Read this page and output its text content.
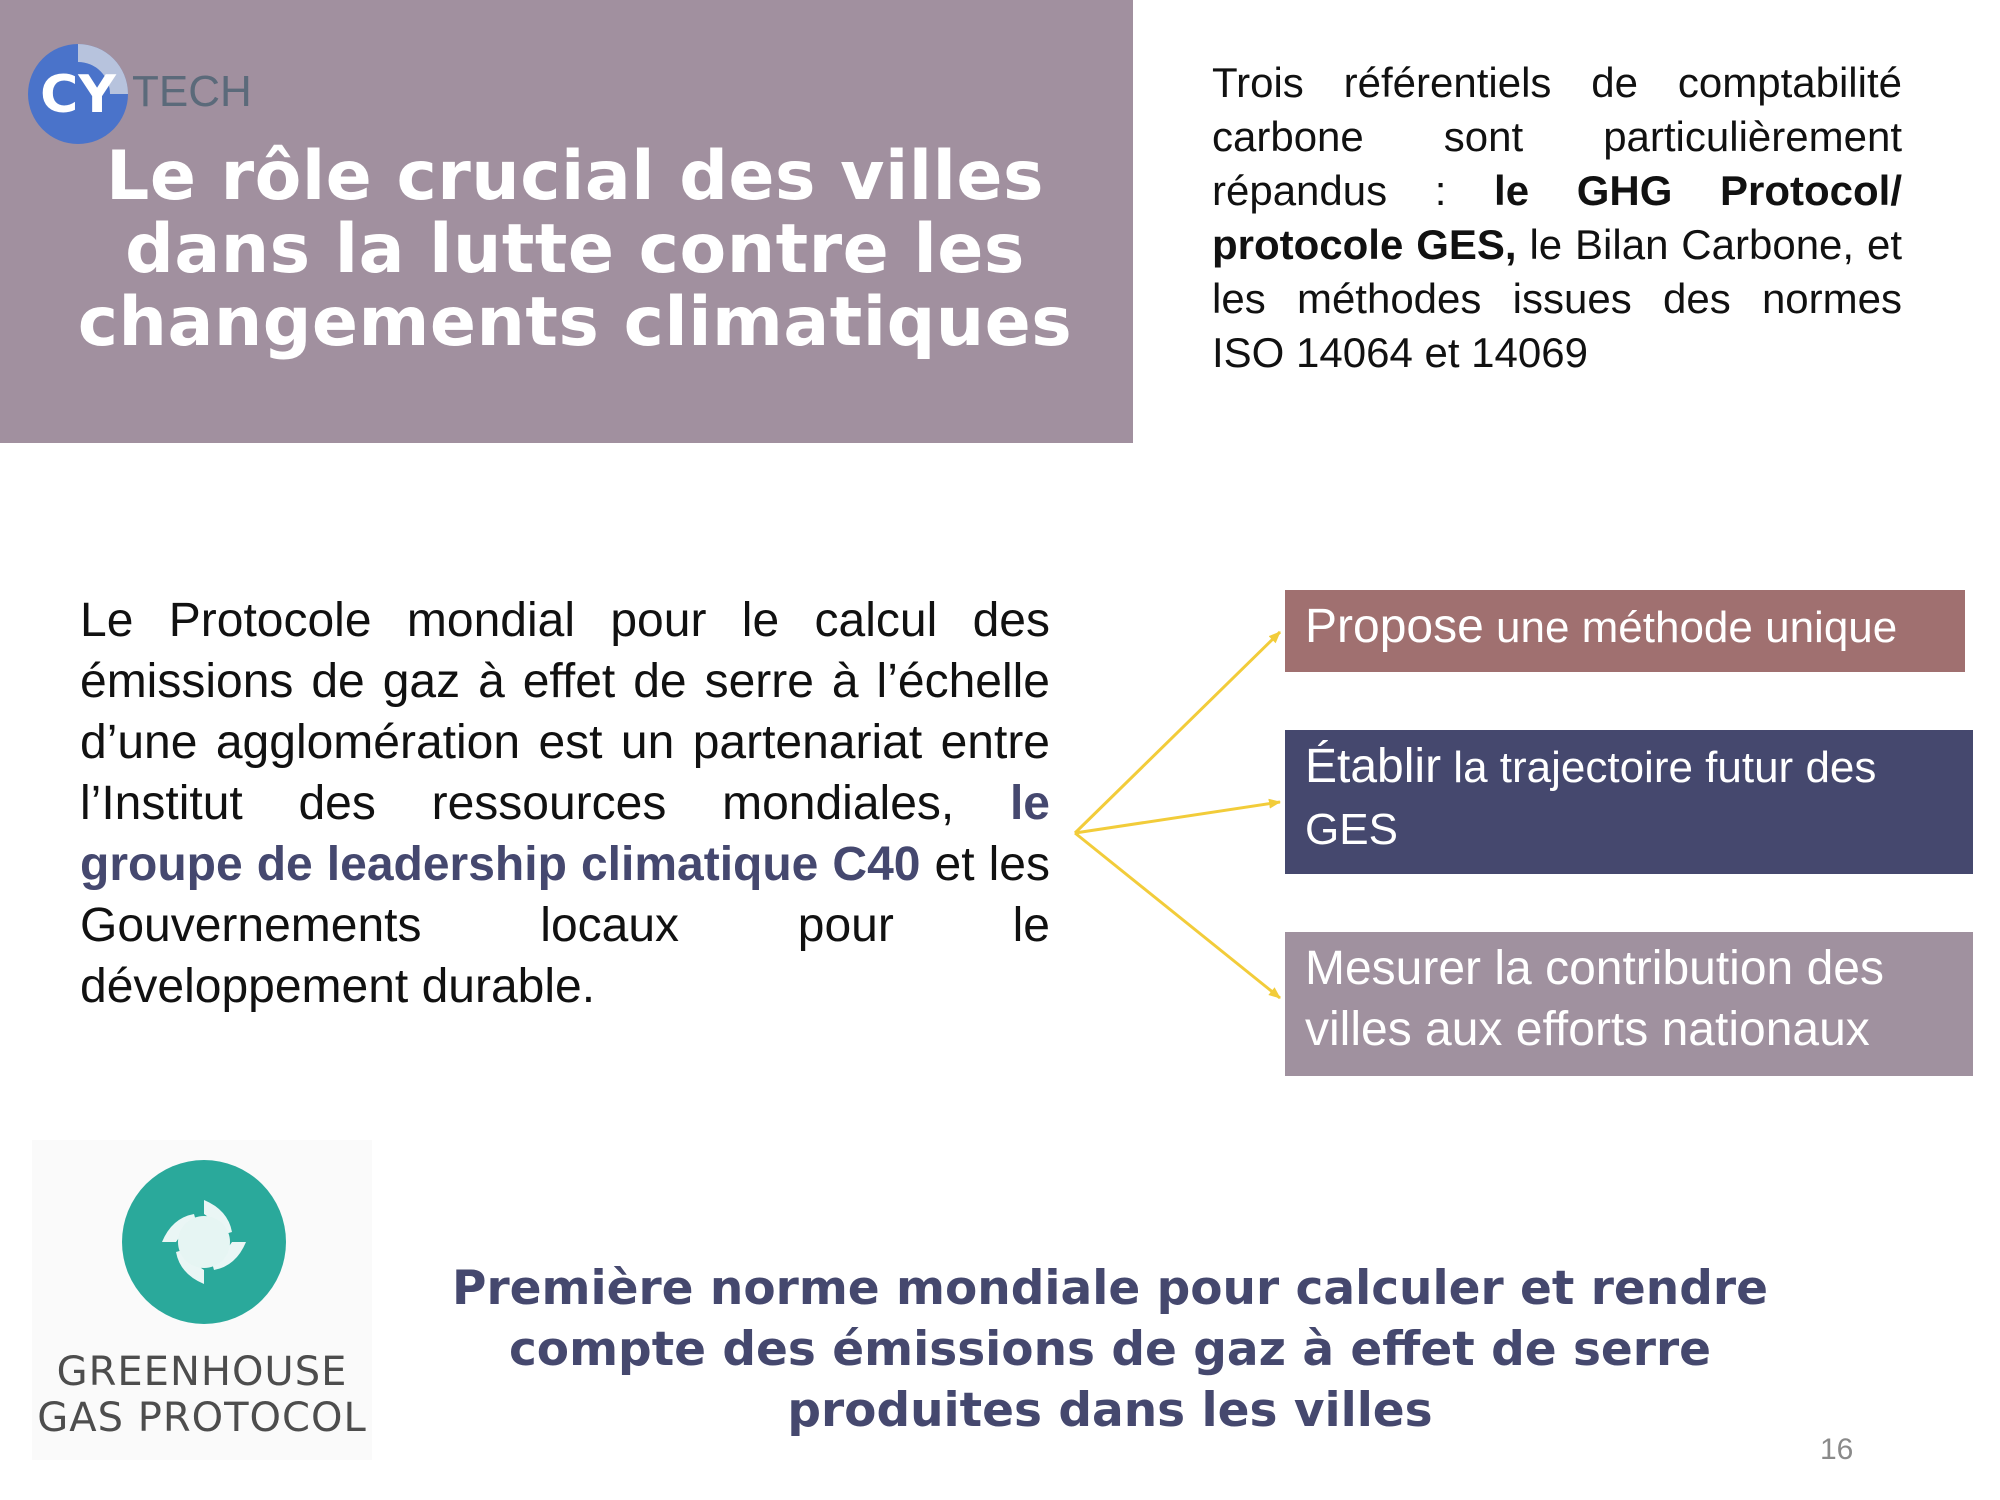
CY TECH
Le rôle crucial des villes
dans la lutte contre les
changements climatiques
Trois référentiels de comptabilité carbone sont particulièrement répandus : le GHG Protocol/ protocole GES, le Bilan Carbone, et les méthodes issues des normes ISO 14064 et 14069
Le Protocole mondial pour le calcul des émissions de gaz à effet de serre à l’échelle d’une agglomération est un partenariat entre l’Institut des ressources mondiales, le groupe de leadership climatique C40 et les Gouvernements locaux pour le développement durable.
Propose une méthode unique
Établir la trajectoire futur des GES
Mesurer la contribution des villes aux efforts nationaux
GREENHOUSE
GAS PROTOCOL
Première norme mondiale pour calculer et rendre
compte des émissions de gaz à effet de serre
produites dans les villes
16
